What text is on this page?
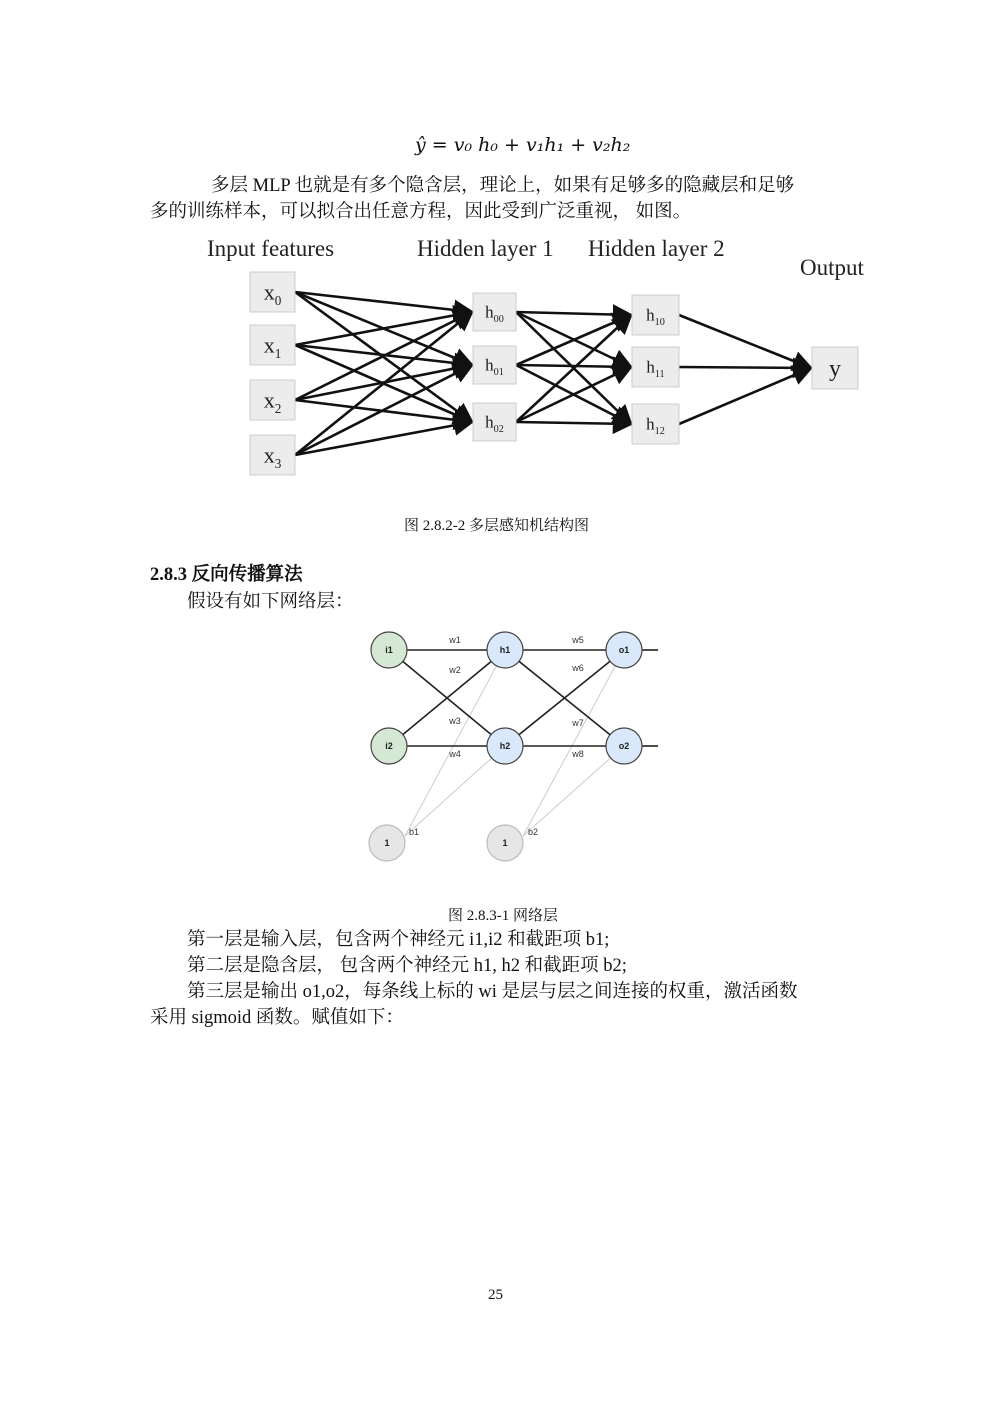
ŷ = v₀ h₀ + v₁h₁ + v₂h₂
多层 MLP 也就是有多个隐含层，理论上，如果有足够多的隐藏层和足够
多的训练样本，可以拟合出任意方程，因此受到广泛重视， 如图。
Input features	Hidden layer 1 Hidden layer 2
Output
$x_0$
$x_1$
$x_2$
$x_3$
$h_{00}$
$h_{01}$
$h_{02}$
$h_{10}$
$h_{11}$
$h_{12}$
y
i1
i2
h1
h2
o1
o2
1	1
w1
w2
w3
w4
w5
w6
w7
w8
b1	b2
图 2.8.2-2 多层感知机结构图
2.8.3 反向传播算法
假设有如下网络层：
图 2.8.3-1 网络层
第一层是输入层，包含两个神经元 i1,i2 和截距项 b1;
第二层是隐含层， 包含两个神经元 h1, h2 和截距项 b2;
第三层是输出 o1,o2，每条线上标的 wi 是层与层之间连接的权重，激活函数
采用 sigmoid 函数。赋值如下：
25
